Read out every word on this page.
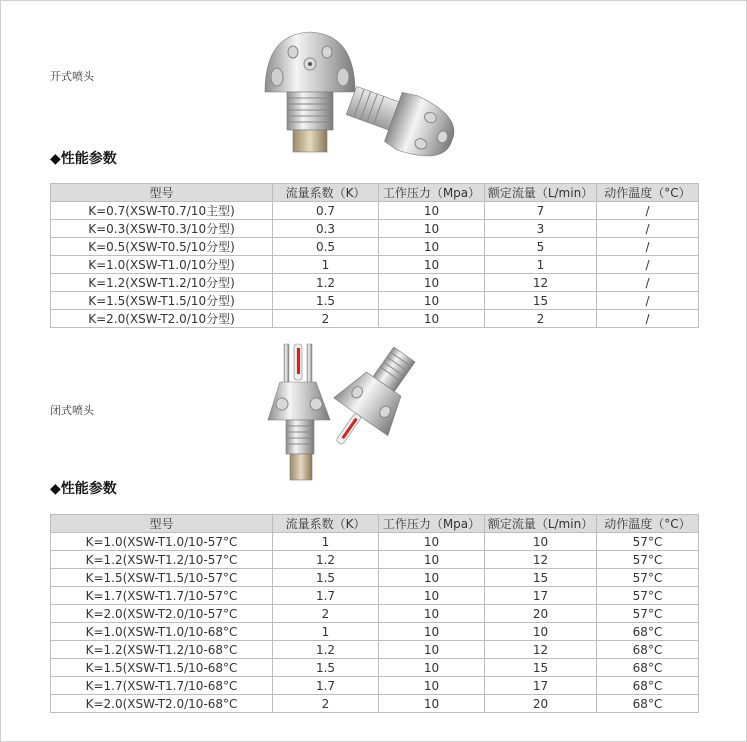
开式喷头
◆性能参数
型号	流量系数（K）	工作压力（Mpa）	额定流量（L/min）	动作温度（°C）
K=0.7(XSW-T0.7/10主型)	0.7	10	7	/
K=0.3(XSW-T0.3/10分型)	0.3	10	3	/
K=0.5(XSW-T0.5/10分型)	0.5	10	5	/
K=1.0(XSW-T1.0/10分型)	1	10	1	/
K=1.2(XSW-T1.2/10分型)	1.2	10	12	/
K=1.5(XSW-T1.5/10分型)	1.5	10	15	/
K=2.0(XSW-T2.0/10分型)	2	10	2	/
闭式喷头
◆性能参数
型号	流量系数（K）	工作压力（Mpa）	额定流量（L/min）	动作温度（°C）
K=1.0(XSW-T1.0/10-57°C	1	10	10	57°C
K=1.2(XSW-T1.2/10-57°C	1.2	10	12	57°C
K=1.5(XSW-T1.5/10-57°C	1.5	10	15	57°C
K=1.7(XSW-T1.7/10-57°C	1.7	10	17	57°C
K=2.0(XSW-T2.0/10-57°C	2	10	20	57°C
K=1.0(XSW-T1.0/10-68°C	1	10	10	68°C
K=1.2(XSW-T1.2/10-68°C	1.2	10	12	68°C
K=1.5(XSW-T1.5/10-68°C	1.5	10	15	68°C
K=1.7(XSW-T1.7/10-68°C	1.7	10	17	68°C
K=2.0(XSW-T2.0/10-68°C	2	10	20	68°C
